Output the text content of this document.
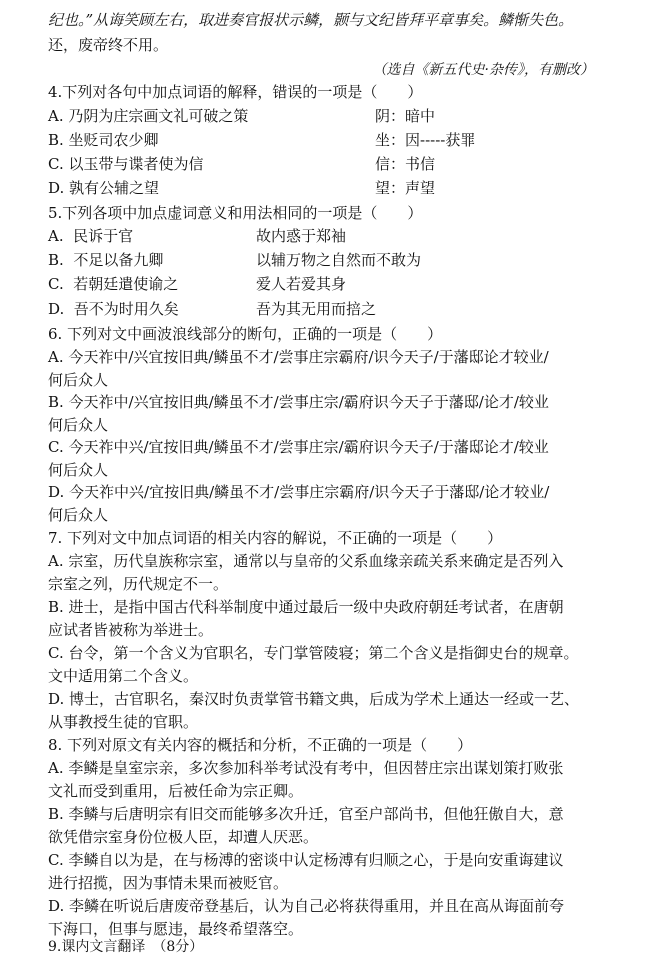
纪也。”从诲笑顾左右，取进奏官报状示鳞，颢与文纪皆拜平章事矣。鳞惭失色。
还，废帝终不用。
（选自《新五代史·杂传》，有删改）
4.下列对各句中加点词语的解释，错误的一项是（　　）
A. 乃阴为庄宗画文礼可破之策	阴：暗中
B. 坐贬司农少卿	坐：因-----获罪
C. 以玉带与谍者使为信	信：书信
D. 孰有公辅之望	望：声望
5.下列各项中加点虚词意义和用法相同的一项是（　　）
A.  民诉于官	故内惑于郑袖
B.  不足以备九卿	以辅万物之自然而不敢为
C.  若朝廷遣使谕之	爱人若爱其身
D.  吾不为时用久矣	吾为其无用而掊之
6. 下列对文中画波浪线部分的断句，正确的一项是（　　）
A. 今天祚中/兴宜按旧典/鳞虽不才/尝事庄宗霸府/识今天子/于藩邸论才较业/
何后众人
B. 今天祚中/兴宜按旧典/鳞虽不才/尝事庄宗/霸府识今天子于藩邸/论才/较业
何后众人
C. 今天祚中兴/宜按旧典/鳞虽不才/尝事庄宗/霸府识今天子/于藩邸论才/较业
何后众人
D. 今天祚中兴/宜按旧典/鳞虽不才/尝事庄宗霸府/识今天子于藩邸/论才较业/
何后众人
7. 下列对文中加点词语的相关内容的解说，不正确的一项是（　　）
A. 宗室，历代皇族称宗室，通常以与皇帝的父系血缘亲疏关系来确定是否列入
宗室之列，历代规定不一。
B. 进士，是指中国古代科举制度中通过最后一级中央政府朝廷考试者，在唐朝
应试者皆被称为举进士。
C. 台令，第一个含义为官职名，专门掌管陵寝；第二个含义是指御史台的规章。
文中适用第二个含义。
D. 博士，古官职名，秦汉时负责掌管书籍文典，后成为学术上通达一经或一艺、
从事教授生徒的官职。
8. 下列对原文有关内容的概括和分析，不正确的一项是（　　）
A. 李鳞是皇室宗亲，多次参加科举考试没有考中，但因替庄宗出谋划策打败张
文礼而受到重用，后被任命为宗正卿。
B. 李鳞与后唐明宗有旧交而能够多次升迁，官至户部尚书，但他狂傲自大，意
欲凭借宗室身份位极人臣，却遭人厌恶。
C. 李鳞自以为是，在与杨溥的密谈中认定杨溥有归顺之心，于是向安重诲建议
进行招揽，因为事情未果而被贬官。
D. 李鳞在听说后唐废帝登基后，认为自己必将获得重用，并且在高从诲面前夸
下海口，但事与愿违，最终希望落空。
9.课内文言翻译　（8分）
